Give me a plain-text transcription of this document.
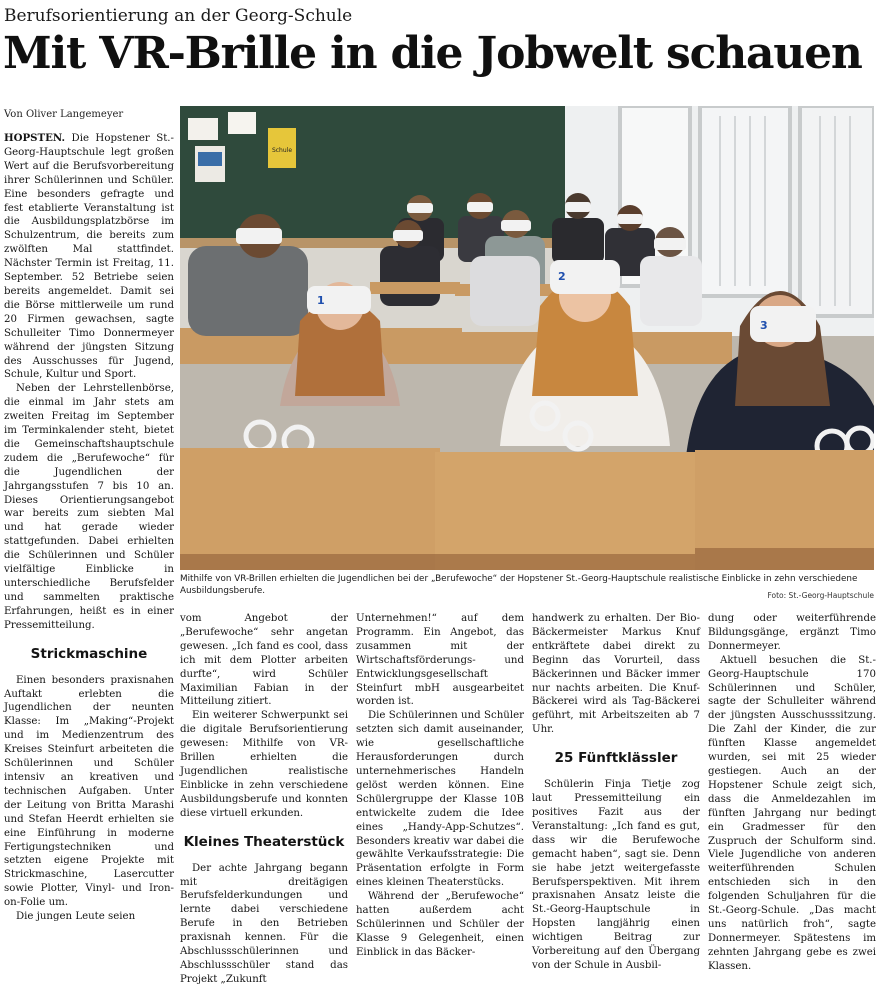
Berufsorientierung an der Georg-Schule
Mit VR-Brille in die Jobwelt schauen

Von Oliver Langemeyer

HOPSTEN. Die Hopstener St.-Georg-Hauptschule legt großen Wert auf die Berufsvorbereitung ihrer Schülerinnen und Schüler. Eine besonders gefragte und fest etablierte Veranstaltung ist die Ausbildungsplatzbörse im Schulzentrum, die bereits zum zwölften Mal stattfindet. Nächster Termin ist Freitag, 11. September. 52 Betriebe seien bereits angemeldet. Damit sei die Börse mittlerweile um rund 20 Firmen gewachsen, sagte Schulleiter Timo Donnermeyer während der jüngsten Sitzung des Ausschusses für Jugend, Schule, Kultur und Sport.

Neben der Lehrstellenbörse, die einmal im Jahr stets am zweiten Freitag im September im Terminkalender steht, bietet die Gemeinschaftshauptschule zudem die „Berufewoche“ für die Jugendlichen der Jahrgangsstufen 7 bis 10 an. Dieses Orientierungsangebot war bereits zum siebten Mal und hat gerade wieder stattgefunden. Dabei erhielten die Schülerinnen und Schüler vielfältige Einblicke in unterschiedliche Berufsfelder und sammelten praktische Erfahrungen, heißt es in einer Pressemitteilung.

Strickmaschine

Einen besonders praxisnahen Auftakt erlebten die Jugendlichen der neunten Klasse: Im „Making“-Projekt und im Medienzentrum des Kreises Steinfurt arbeiteten die Schülerinnen und Schüler intensiv an kreativen und technischen Aufgaben. Unter der Leitung von Britta Marashi und Stefan Heerdt erhielten sie eine Einführung in moderne Fertigungstechniken und setzten eigene Projekte mit Strickmaschine, Lasercutter sowie Plotter, Vinyl- und Iron-on-Folie um.

Die jungen Leute seien

Schule
1
2
3
Mithilfe von VR-Brillen erhielten die Jugendlichen bei der „Berufewoche“ der Hopstener St.-Georg-Hauptschule realistische Einblicke in zehn verschiedene Ausbildungsberufe.	Foto: St.-Georg-Hauptschule

vom Angebot der „Berufewoche“ sehr angetan gewesen. „Ich fand es cool, dass ich mit dem Plotter arbeiten durfte“, wird Schüler Maximilian Fabian in der Mitteilung zitiert.

Ein weiterer Schwerpunkt sei die digitale Berufsorientierung gewesen: Mithilfe von VR-Brillen erhielten die Jugendlichen realistische Einblicke in zehn verschiedene Ausbildungsberufe und konnten diese virtuell erkunden.

Kleines Theaterstück

Der achte Jahrgang begann mit dreitägigen Berufsfelderkundungen und lernte dabei verschiedene Berufe in den Betrieben praxisnah kennen. Für die Abschlussschülerinnen und Abschlussschüler stand das Projekt „Zukunft

Unternehmen!“ auf dem Programm. Ein Angebot, das zusammen mit der Wirtschaftsförderungs- und Entwicklungsgesellschaft Steinfurt mbH ausgearbeitet worden ist.

Die Schülerinnen und Schüler setzten sich damit auseinander, wie gesellschaftliche Herausforderungen durch unternehmerisches Handeln gelöst werden können. Eine Schülergruppe der Klasse 10B entwickelte zudem die Idee eines „Handy-App-Schutzes“. Besonders kreativ war dabei die gewählte Verkaufsstrategie: Die Präsentation erfolgte in Form eines kleinen Theaterstücks.

Während der „Berufewoche“ hatten außerdem acht Schülerinnen und Schüler der Klasse 9 Gelegenheit, einen Einblick in das Bäcker-

handwerk zu erhalten. Der Bio-Bäckermeister Markus Knuf entkräftete dabei direkt zu Beginn das Vorurteil, dass Bäckerinnen und Bäcker immer nur nachts arbeiten. Die Knuf-Bäckerei wird als Tag-Bäckerei geführt, mit Arbeitszeiten ab 7 Uhr.

25 Fünftklässler

Schülerin Finja Tietje zog laut Pressemitteilung ein positives Fazit aus der Veranstaltung: „Ich fand es gut, dass wir die Berufewoche gemacht haben“, sagt sie. Denn sie habe jetzt weitergefasste Berufsperspektiven. Mit ihrem praxisnahen Ansatz leiste die St.-Georg-Hauptschule in Hopsten langjährig einen wichtigen Beitrag zur Vorbereitung auf den Übergang von der Schule in Ausbil-

dung oder weiterführende Bildungsgänge, ergänzt Timo Donnermeyer.

Aktuell besuchen die St.-Georg-Hauptschule 170 Schülerinnen und Schüler, sagte der Schulleiter während der jüngsten Ausschusssitzung. Die Zahl der Kinder, die zur fünften Klasse angemeldet wurden, sei mit 25 wieder gestiegen. Auch an der Hopstener Schule zeigt sich, dass die Anmeldezahlen im fünften Jahrgang nur bedingt ein Gradmesser für den Zuspruch der Schulform sind. Viele Jugendliche von anderen weiterführenden Schulen entschieden sich in den folgenden Schuljahren für die St.-Georg-Schule. „Das macht uns natürlich froh“, sagte Donnermeyer. Spätestens im zehnten Jahrgang gebe es zwei Klassen.
